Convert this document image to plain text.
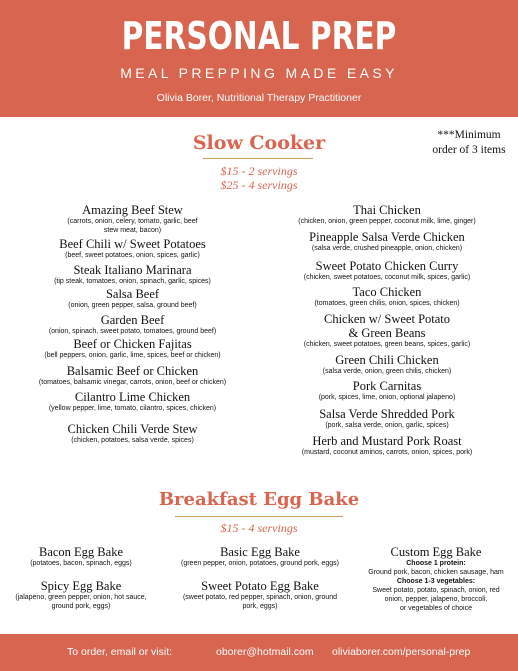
PERSONAL PREP
MEAL PREPPING MADE EASY
Olivia Borer, Nutritional Therapy Practitioner
Slow Cooker
$15 - 2 servings
$25 - 4 servings
***Minimum
order of 3 items
Amazing Beef Stew
(carrots, onion, celery, tomato, garlic, beef
stew meat, bacon)
Beef Chili w/ Sweet Potatoes
(beef, sweet potatoes, onion, spices, garlic)
Steak Italiano Marinara
(tip steak, tomatoes, onion, spinach, garlic, spices)
Salsa Beef
(onion, green pepper, salsa, ground beef)
Garden Beef
(onion, spinach, sweet potato, tomatoes, ground beef)
Beef or Chicken Fajitas
(bell peppers, onion, garlic, lime, spices, beef or chicken)
Balsamic Beef or Chicken
(tomatoes, balsamic vinegar, carrots, onion, beef or chicken)
Cilantro Lime Chicken
(yellow pepper, lime, tomato, cilantro, spices, chicken)
Chicken Chili Verde Stew
(chicken, potatoes, salsa verde, spices)
Thai Chicken
(chicken, onion, green pepper, coconut milk, lime, ginger)
Pineapple Salsa Verde Chicken
(salsa verde, crushed pineapple, onion, chicken)
Sweet Potato Chicken Curry
(chicken, sweet potatoes, coconut milk, spices, garlic)
Taco Chicken
(tomatoes, green chilis, onion, spices, chicken)
Chicken w/ Sweet Potato
& Green Beans
(chicken, sweet potatoes, green beans, spices, garlic)
Green Chili Chicken
(salsa verde, onion, green chilis, chicken)
Pork Carnitas
(pork, spices, lime, onion, optional jalapeno)
Salsa Verde Shredded Pork
(pork, salsa verde, onion, garlic, spices)
Herb and Mustard Pork Roast
(mustard, coconut aminos, carrots, onion, spices, pork)
Breakfast Egg Bake
$15 - 4 servings
Bacon Egg Bake
(potatoes, bacon, spinach, eggs)
Basic Egg Bake
(green pepper, onion, potatoes, ground pork, eggs)
Spicy Egg Bake
(jalapeno, green pepper, onion, hot sauce,
ground pork, eggs)
Sweet Potato Egg Bake
(sweet potato, red pepper, spinach, onion, ground
pork, eggs)
Custom Egg Bake
Choose 1 protein:
Ground pork, bacon, chicken sausage, ham
Choose 1-3 vegetables:
Sweet potato, potato, spinach, onion, red
onion, pepper, jalapeno, broccoli,
or vegetables of choice
To order, email or visit:	oborer@hotmail.com oliviaborer.com/personal-prep
